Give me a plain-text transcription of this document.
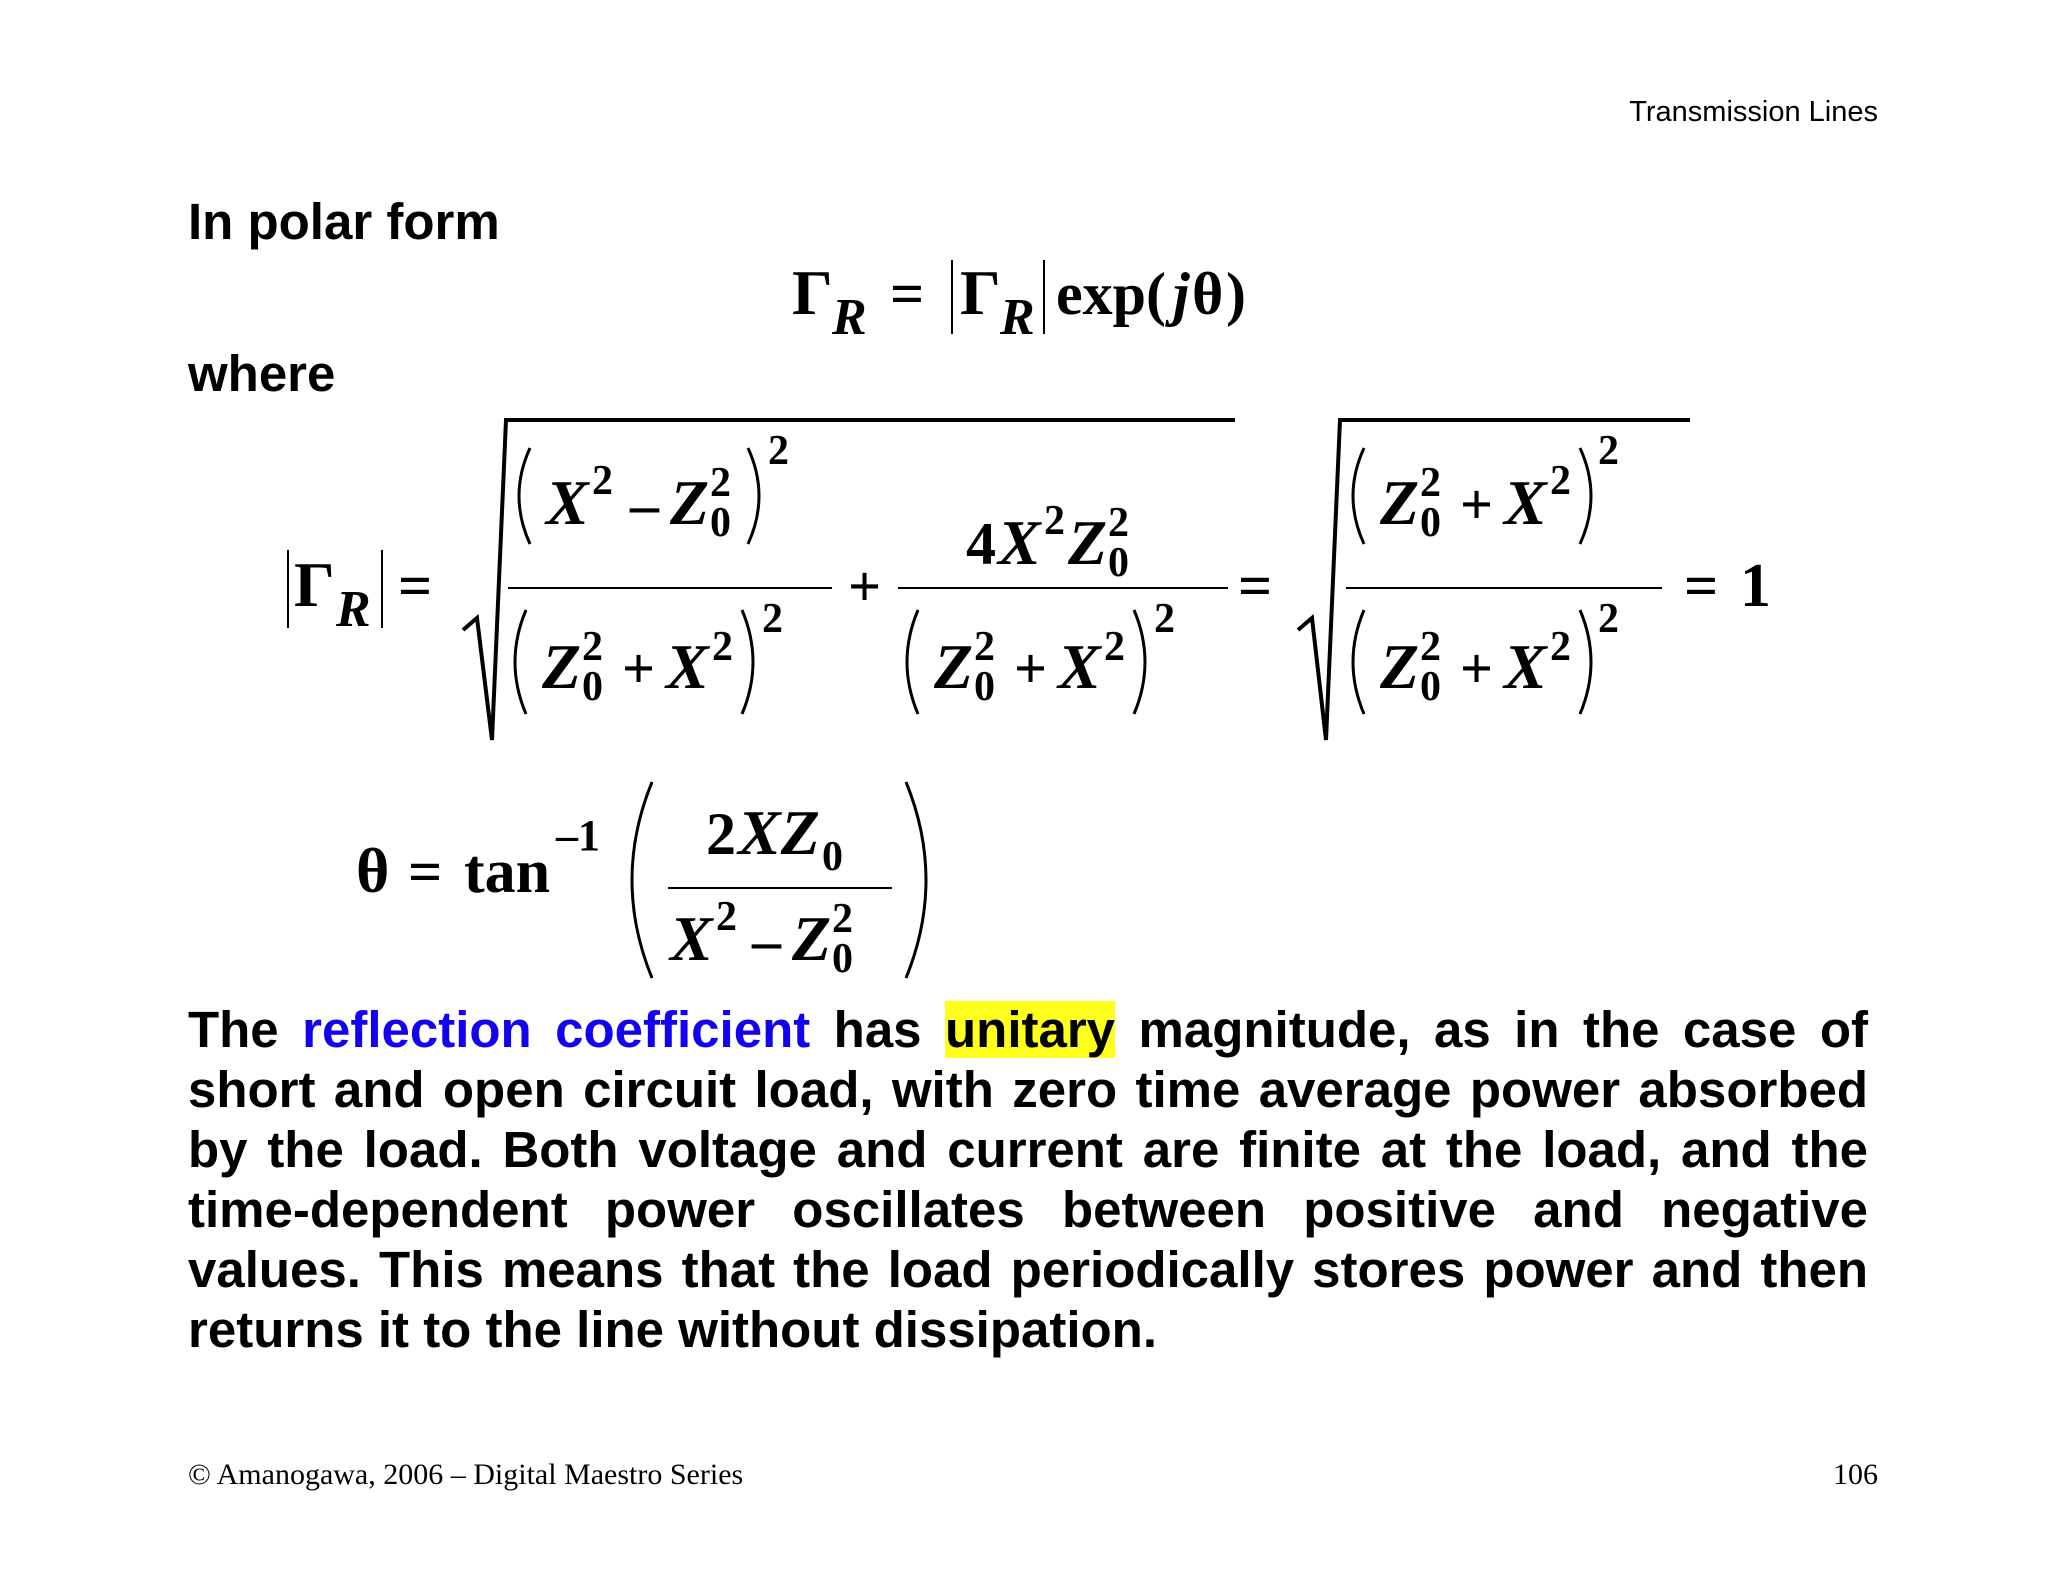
Transmission Lines
In polar form
Γ R = Γ R exp( j θ )
where
Γ R =
X 2 – Z 2
0
2
Z 2
0 + X 2
2 +
4 X 2 Z 2
0
Z 2
0 + X 2
2 =
Z 2
0 + X 2
2
Z 2
0 + X 2
2 = 1
θ = tan
–1 2 XZ 0
X 2 – Z 2
0
The reflection coefficient has unitary magnitude, as in the case of short and open circuit load, with zero time average power absorbed by the load. Both voltage and current are finite at the load, and the time-dependent power oscillates between positive and negative values. This means that the load periodically stores power and then returns it to the line without dissipation.
© Amanogawa, 2006 – Digital Maestro Series	106
